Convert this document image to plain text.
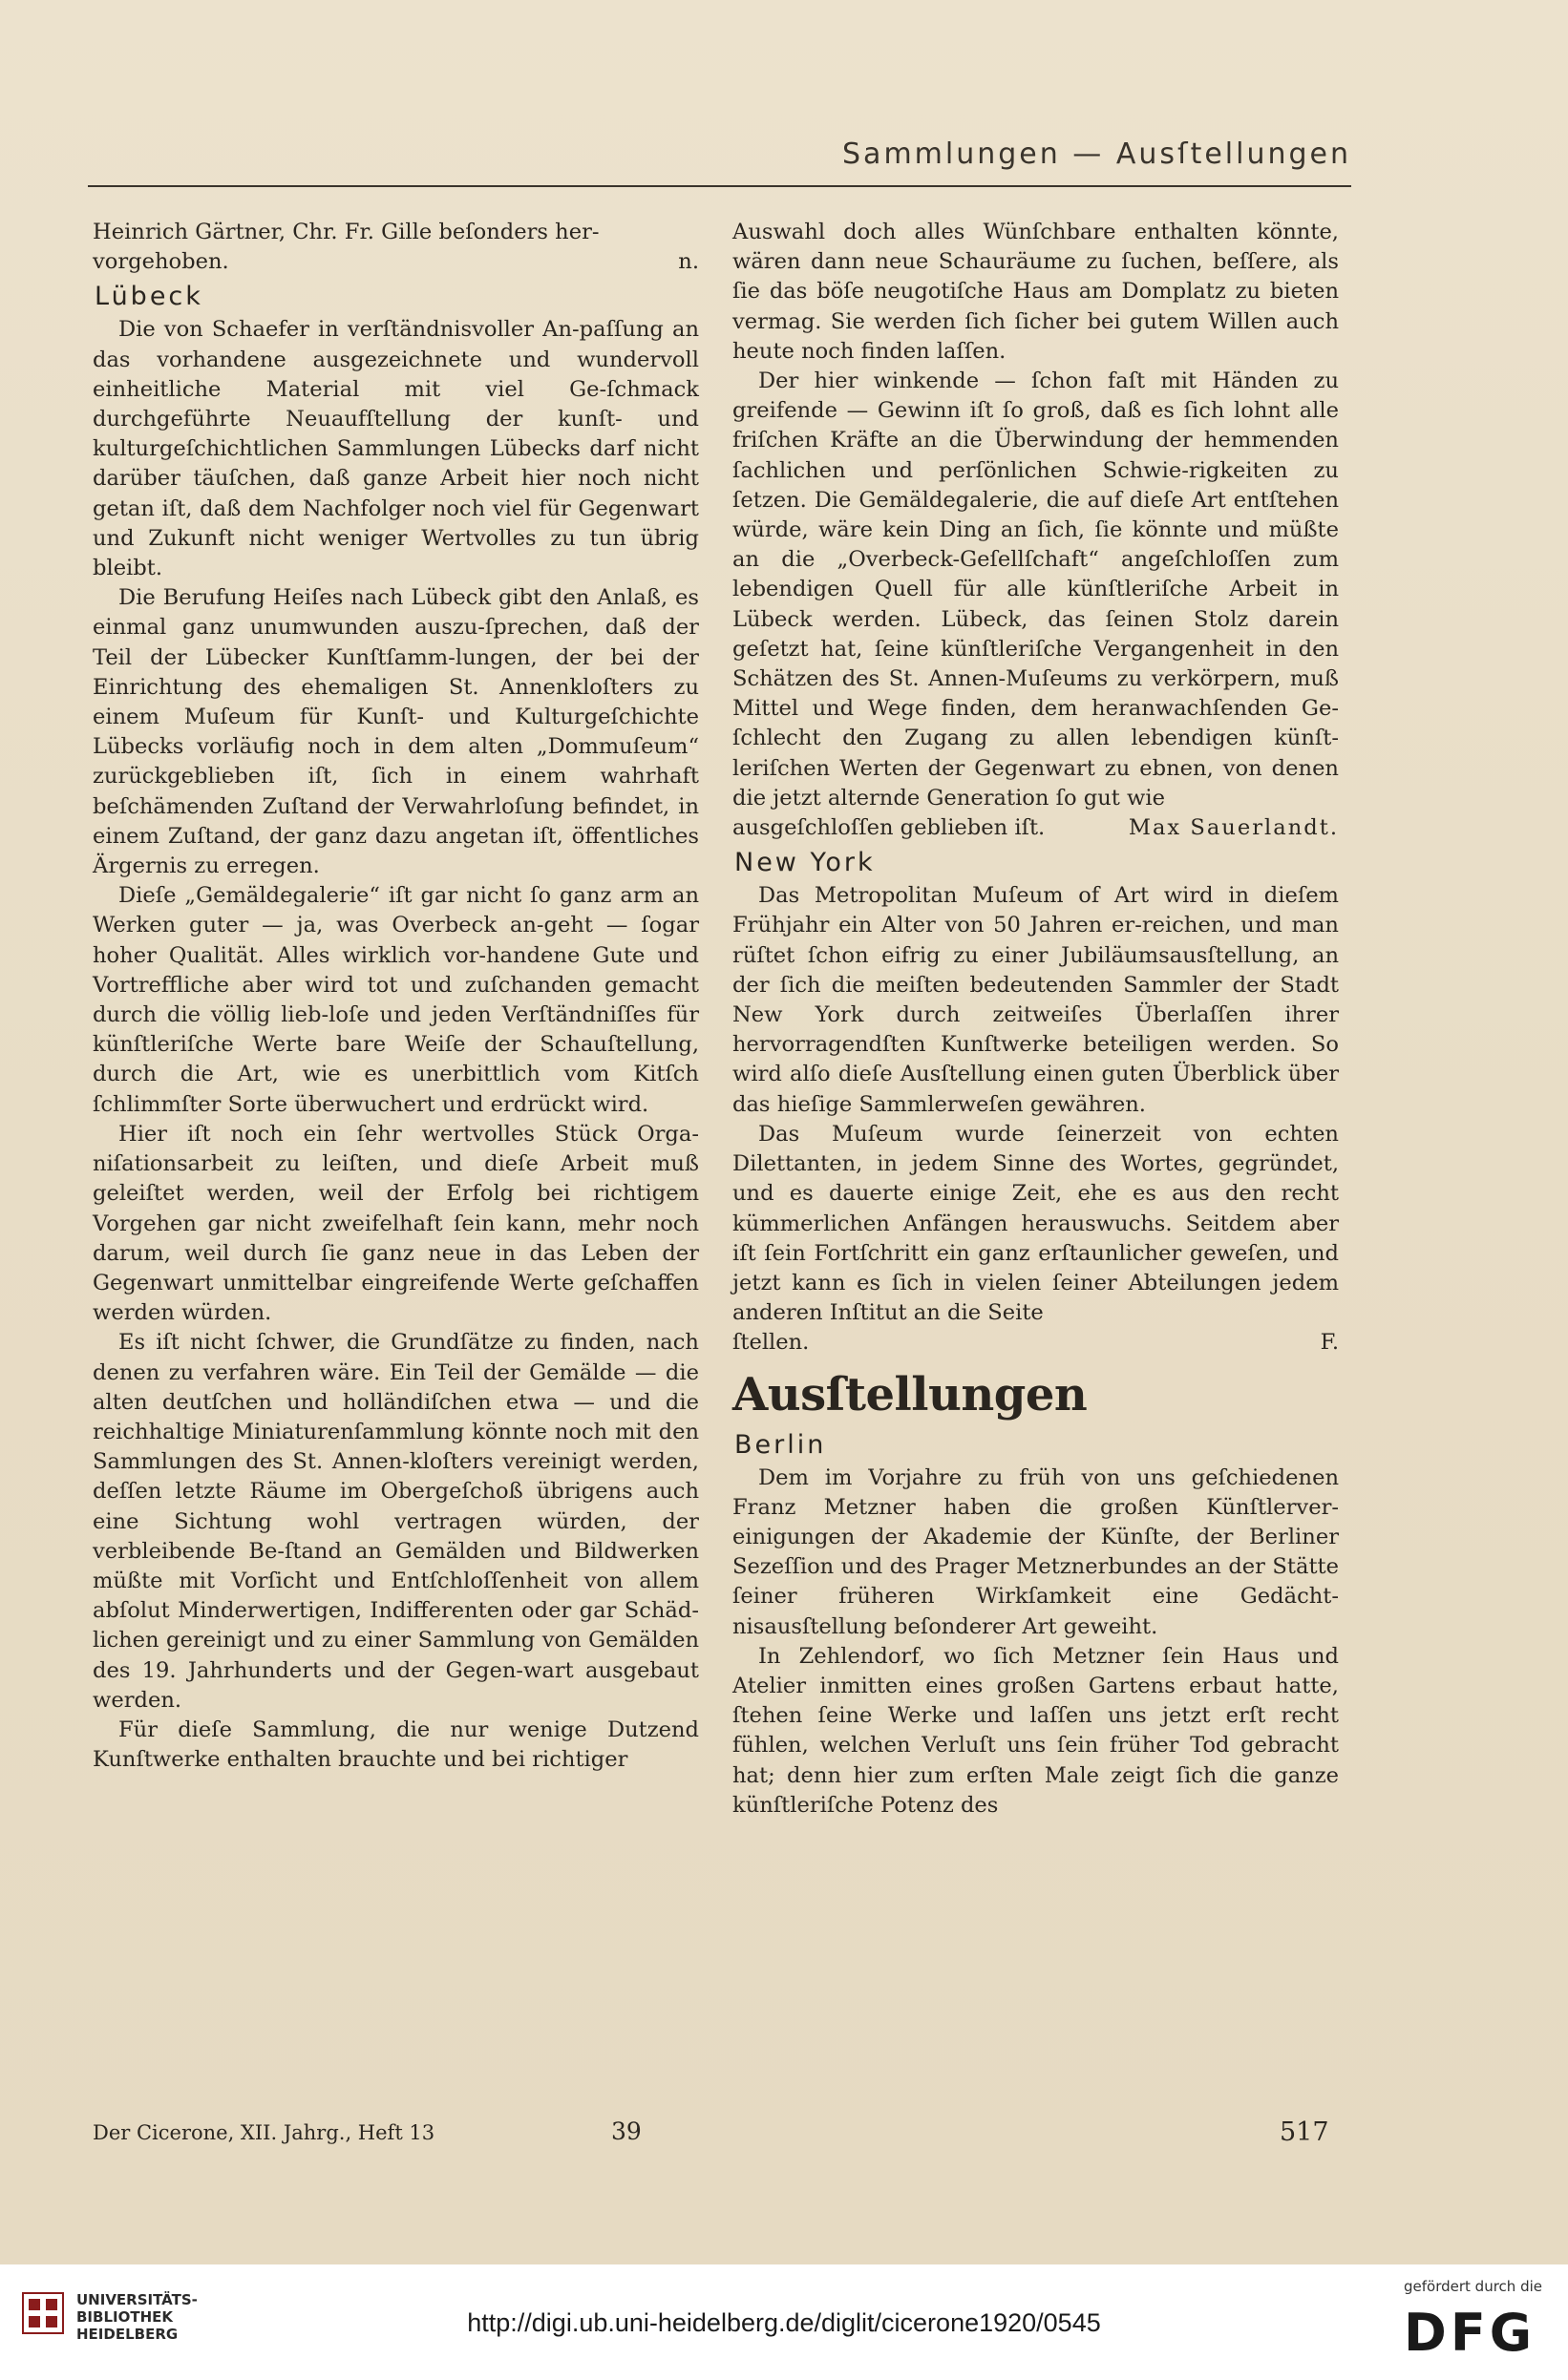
Sammlungen — Ausſtellungen

Heinrich Gärtner, Chr. Fr. Gille beſonders her-

vorgehoben.	n.
Lübeck

Die von Schaefer in verſtändnisvoller An-paſſung an das vorhandene ausgezeichnete und wundervoll einheitliche Material mit viel Ge-ſchmack durchgeführte Neuaufſtellung der kunſt- und kulturgeſchichtlichen Sammlungen Lübecks darf nicht darüber täuſchen, daß ganze Arbeit hier noch nicht getan iſt, daß dem Nachfolger noch viel für Gegenwart und Zukunft nicht weniger Wertvolles zu tun übrig bleibt.

Die Berufung Heiſes nach Lübeck gibt den Anlaß, es einmal ganz unumwunden auszu-ſprechen, daß der Teil der Lübecker Kunſtſamm-lungen, der bei der Einrichtung des ehemaligen St. Annenkloſters zu einem Muſeum für Kunſt- und Kulturgeſchichte Lübecks vorläufig noch in dem alten „Dommuſeum“ zurückgeblieben iſt, ſich in einem wahrhaft beſchämenden Zuſtand der Verwahrloſung befindet, in einem Zuſtand, der ganz dazu angetan iſt, öffentliches Ärgernis zu erregen.

Dieſe „Gemäldegalerie“ iſt gar nicht ſo ganz arm an Werken guter — ja, was Overbeck an-geht — ſogar hoher Qualität. Alles wirklich vor-handene Gute und Vortreffliche aber wird tot und zuſchanden gemacht durch die völlig lieb-loſe und jeden Verſtändniſſes für künſtleriſche Werte bare Weiſe der Schauſtellung, durch die Art, wie es unerbittlich vom Kitſch ſchlimmſter Sorte überwuchert und erdrückt wird.

Hier iſt noch ein ſehr wertvolles Stück Orga-niſationsarbeit zu leiſten, und dieſe Arbeit muß geleiſtet werden, weil der Erfolg bei richtigem Vorgehen gar nicht zweifelhaft ſein kann, mehr noch darum, weil durch ſie ganz neue in das Leben der Gegenwart unmittelbar eingreifende Werte geſchaffen werden würden.

Es iſt nicht ſchwer, die Grundſätze zu finden, nach denen zu verfahren wäre. Ein Teil der Gemälde — die alten deutſchen und holländiſchen etwa — und die reichhaltige Miniaturenſammlung könnte noch mit den Sammlungen des St. Annen-kloſters vereinigt werden, deſſen letzte Räume im Obergeſchoß übrigens auch eine Sichtung wohl vertragen würden, der verbleibende Be-ſtand an Gemälden und Bildwerken müßte mit Vorſicht und Entſchloſſenheit von allem abſolut Minderwertigen, Indifferenten oder gar Schäd-lichen gereinigt und zu einer Sammlung von Gemälden des 19. Jahrhunderts und der Gegen-wart ausgebaut werden.

Für dieſe Sammlung, die nur wenige Dutzend Kunſtwerke enthalten brauchte und bei richtiger

Auswahl doch alles Wünſchbare enthalten könnte, wären dann neue Schauräume zu ſuchen, beſſere, als ſie das böſe neugotiſche Haus am Domplatz zu bieten vermag. Sie werden ſich ſicher bei gutem Willen auch heute noch finden laſſen.

Der hier winkende — ſchon faſt mit Händen zu greifende — Gewinn iſt ſo groß, daß es ſich lohnt alle friſchen Kräfte an die Überwindung der hemmenden ſachlichen und perſönlichen Schwie-rigkeiten zu ſetzen. Die Gemäldegalerie, die auf dieſe Art entſtehen würde, wäre kein Ding an ſich, ſie könnte und müßte an die „Overbeck-Geſellſchaft“ angeſchloſſen zum lebendigen Quell für alle künſtleriſche Arbeit in Lübeck werden. Lübeck, das ſeinen Stolz darein geſetzt hat, ſeine künſtleriſche Vergangenheit in den Schätzen des St. Annen-Muſeums zu verkörpern, muß Mittel und Wege finden, dem heranwachſenden Ge-ſchlecht den Zugang zu allen lebendigen künſt-leriſchen Werten der Gegenwart zu ebnen, von denen die jetzt alternde Generation ſo gut wie

ausgeſchloſſen geblieben iſt.	Max Sauerlandt.
New York

Das Metropolitan Muſeum of Art wird in dieſem Frühjahr ein Alter von 50 Jahren er-reichen, und man rüſtet ſchon eifrig zu einer Jubiläumsausſtellung, an der ſich die meiſten bedeutenden Sammler der Stadt New York durch zeitweiſes Überlaſſen ihrer hervorragendſten Kunſtwerke beteiligen werden. So wird alſo dieſe Ausſtellung einen guten Überblick über das hieſige Sammlerweſen gewähren.

Das Muſeum wurde ſeinerzeit von echten Dilettanten, in jedem Sinne des Wortes, gegründet, und es dauerte einige Zeit, ehe es aus den recht kümmerlichen Anfängen herauswuchs. Seitdem aber iſt ſein Fortſchritt ein ganz erſtaunlicher geweſen, und jetzt kann es ſich in vielen ſeiner Abteilungen jedem anderen Inſtitut an die Seite

ſtellen.	F.
Ausſtellungen
Berlin

Dem im Vorjahre zu früh von uns geſchiedenen Franz Metzner haben die großen Künſtlerver-einigungen der Akademie der Künſte, der Berliner Sezeſſion und des Prager Metznerbundes an der Stätte ſeiner früheren Wirkſamkeit eine Gedächt-nisausſtellung beſonderer Art geweiht.

In Zehlendorf, wo ſich Metzner ſein Haus und Atelier inmitten eines großen Gartens erbaut hatte, ſtehen ſeine Werke und laſſen uns jetzt erſt recht fühlen, welchen Verluſt uns ſein früher Tod gebracht hat; denn hier zum erſten Male zeigt ſich die ganze künſtleriſche Potenz des

Der Cicerone, XII. Jahrg., Heft 13	39	517
UNIVERSITÄTS-
BIBLIOTHEK
HEIDELBERG	http://digi.ub.uni-heidelberg.de/diglit/cicerone1920/0545
gefördert durch die
DFG
